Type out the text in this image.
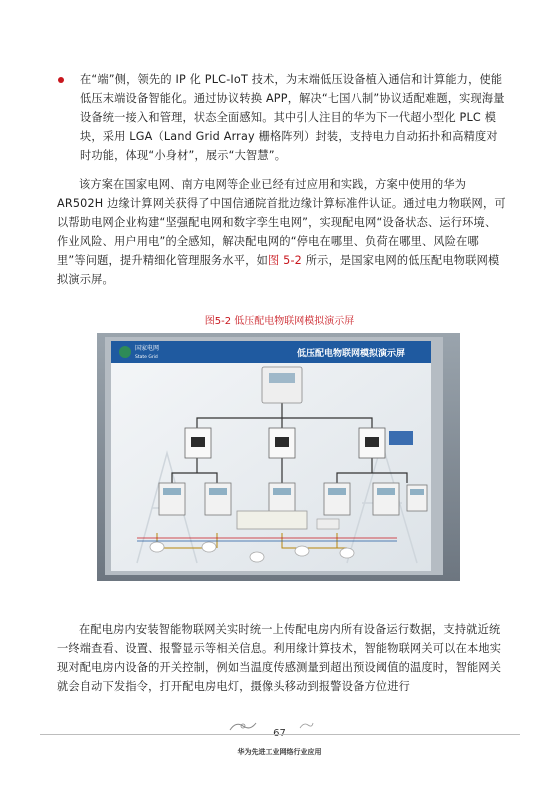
在“端”侧，领先的 IP 化 PLC-IoT 技术，为末端低压设备植入通信和计算能力，使能低压末端设备智能化。通过协议转换 APP，解决“七国八制”协议适配难题，实现海量设备统一接入和管理，状态全面感知。其中引人注目的华为下一代超小型化 PLC 模块，采用 LGA（Land Grid Array 栅格阵列）封装，支持电力自动拓扑和高精度对时功能，体现“小身材”，展示“大智慧”。
该方案在国家电网、南方电网等企业已经有过应用和实践，方案中使用的华为 AR502H 边缘计算网关获得了中国信通院首批边缘计算标准件认证。通过电力物联网，可以帮助电网企业构建“坚强配电网和数字孪生电网”，实现配电网“设备状态、运行环境、作业风险、用户用电”的全感知，解决配电网的“停电在哪里、负荷在哪里、风险在哪里”等问题，提升精细化管理服务水平，如图 5-2 所示，是国家电网的低压配电物联网模拟演示屏。
图5-2 低压配电物联网模拟演示屏
国家电网
State Grid	低压配电物联网模拟演示屏
在配电房内安装智能物联网关实时统一上传配电房内所有设备运行数据，支持就近统一终端查看、设置、报警显示等相关信息。利用缘计算技术，智能物联网关可以在本地实现对配电房内设备的开关控制，例如当温度传感测量到超出预设阈值的温度时，智能网关就会自动下发指令，打开配电房电灯，摄像头移动到报警设备方位进行
华为先进工业网络行业应用
